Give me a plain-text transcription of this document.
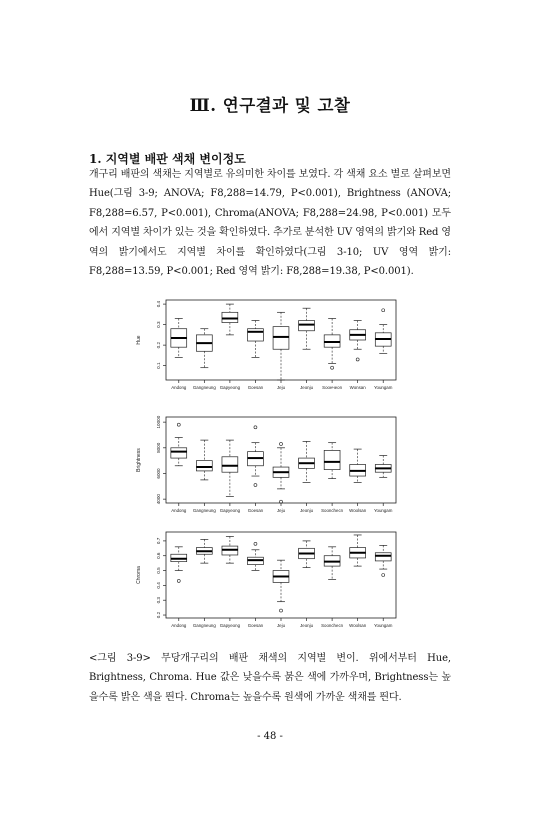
Ⅲ. 연구결과 및 고찰
1. 지역별 배판 색채 변이정도

개구리 배판의 색채는 지역별로 유의미한 차이를 보였다. 각 색채 요소 별로 살펴보면 Hue(그림 3-9; ANOVA; F8,288=14.79, P<0.001), Brightness (ANOVA; F8,288=6.57, P<0.001), Chroma(ANOVA; F8,288=24.98, P<0.001) 모두에서 지역별 차이가 있는 것을 확인하였다. 추가로 분석한 UV 영역의 밝기와 Red 영역의 밝기에서도 지역별 차이를 확인하였다(그림 3-10; UV 영역 밝기: F8,288=13.59, P<0.001; Red 영역 밝기: F8,288=19.38, P<0.001).

0.1
0.2
0.3
0.4
Hue
Andong Gangneung Gapyeong Goesan	Jeju	Jeonju Soончeon Wonsan Youngam
4000
6000
8000
10000
Brightness
Andong Gangneung Gapyeong Goesan	Jeju	Jeonju Soonchecn Woolsan Youngam
0.2
0.3
0.4
0.5
0.6
0.7
Chroma
Andong Gangneung Gapyeong Goesan	Jeju	Jeonju Soonchecn Woolsan Youngam

<그림 3-9> 무당개구리의 배판 채색의 지역별 변이. 위에서부터 Hue, Brightness, Chroma. Hue 값은 낮을수록 붉은 색에 가까우며, Brightness는 높을수록 밝은 색을 띈다. Chroma는 높을수록 원색에 가까운 색채를 띈다.

- 48 -
